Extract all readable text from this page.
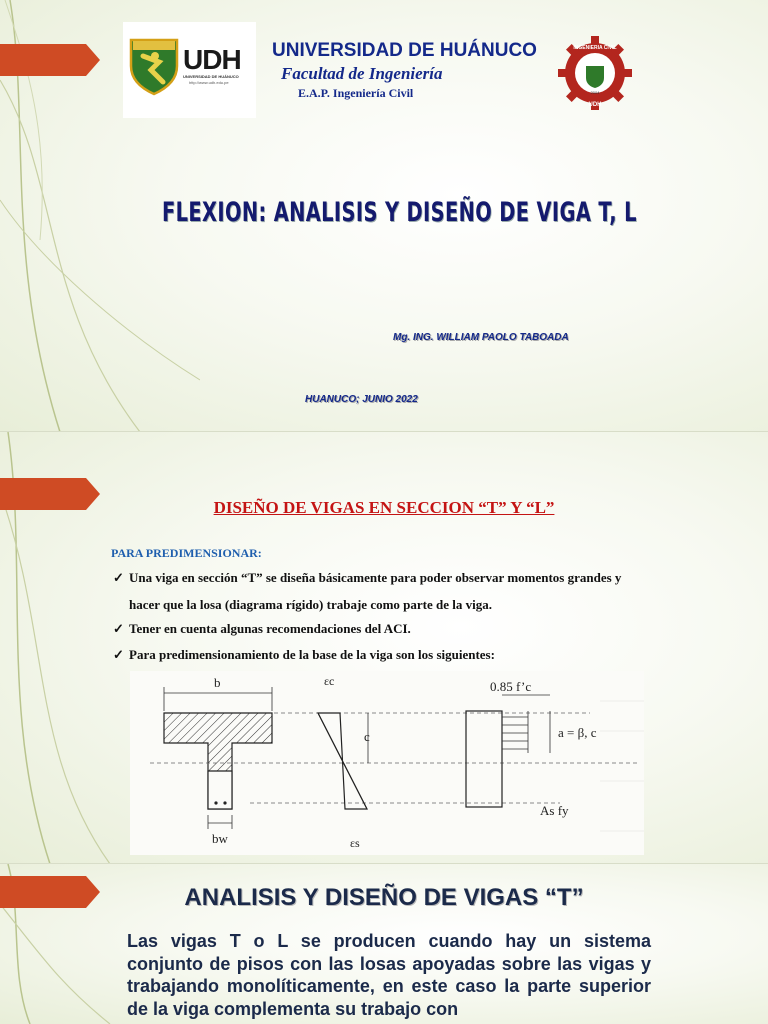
UDH
UNIVERSIDAD DE HUÁNUCO
http://www.udh.edu.pe
UNIVERSIDAD DE HUÁNUCO
Facultad de Ingeniería
E.A.P. Ingeniería Civil	2004
UDH
INGENIERIA CIVIL
FLEXION: ANALISIS Y DISEÑO DE VIGA T, L
Mg. ING. WILLIAM PAOLO TABOADA
HUANUCO; JUNIO 2022
DISEÑO DE VIGAS EN SECCION “T” Y “L”
PARA PREDIMENSIONAR:
✓ Una viga en sección “T” se diseña básicamente para poder observar momentos grandes y
hacer que la losa (diagrama rígido) trabaje como parte de la viga.
✓ Tener en cuenta algunas recomendaciones del ACI.
✓ Para predimensionamiento de la base de la viga son los siguientes:
b
bw
εc
εs
c
0.85 f’c
a = β, c
As fy
ANALISIS Y DISEÑO DE VIGAS “T”
Las vigas T o L se producen cuando hay un sistema conjunto de pisos con las losas apoyadas sobre las vigas y trabajando monolíticamente, en este caso la parte superior de la viga complementa su trabajo con
